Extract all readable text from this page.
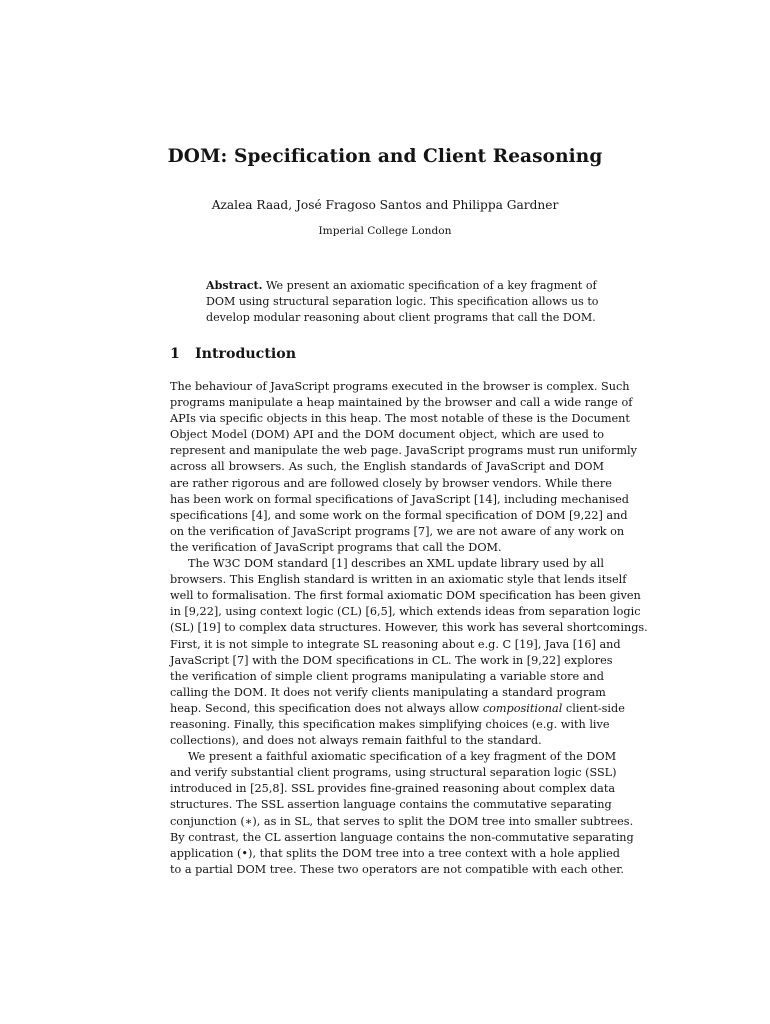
DOM: Specification and Client Reasoning
Azalea Raad, José Fragoso Santos and Philippa Gardner
Imperial College London
Abstract. We present an axiomatic specification of a key fragment of
DOM using structural separation logic. This specification allows us to
develop modular reasoning about client programs that call the DOM.
1 Introduction
The behaviour of JavaScript programs executed in the browser is complex. Such
programs manipulate a heap maintained by the browser and call a wide range of
APIs via specific objects in this heap. The most notable of these is the Document
Object Model (DOM) API and the DOM document object, which are used to
represent and manipulate the web page. JavaScript programs must run uniformly
across all browsers. As such, the English standards of JavaScript and DOM
are rather rigorous and are followed closely by browser vendors. While there
has been work on formal specifications of JavaScript [14], including mechanised
specifications [4], and some work on the formal specification of DOM [9,22] and
on the verification of JavaScript programs [7], we are not aware of any work on
the verification of JavaScript programs that call the DOM.
The W3C DOM standard [1] describes an XML update library used by all
browsers. This English standard is written in an axiomatic style that lends itself
well to formalisation. The first formal axiomatic DOM specification has been given
in [9,22], using context logic (CL) [6,5], which extends ideas from separation logic
(SL) [19] to complex data structures. However, this work has several shortcomings.
First, it is not simple to integrate SL reasoning about e.g. C [19], Java [16] and
JavaScript [7] with the DOM specifications in CL. The work in [9,22] explores
the verification of simple client programs manipulating a variable store and
calling the DOM. It does not verify clients manipulating a standard program
heap. Second, this specification does not always allow compositional client-side
reasoning. Finally, this specification makes simplifying choices (e.g. with live
collections), and does not always remain faithful to the standard.
We present a faithful axiomatic specification of a key fragment of the DOM
and verify substantial client programs, using structural separation logic (SSL)
introduced in [25,8]. SSL provides fine-grained reasoning about complex data
structures. The SSL assertion language contains the commutative separating
conjunction (∗), as in SL, that serves to split the DOM tree into smaller subtrees.
By contrast, the CL assertion language contains the non-commutative separating
application (•), that splits the DOM tree into a tree context with a hole applied
to a partial DOM tree. These two operators are not compatible with each other.
